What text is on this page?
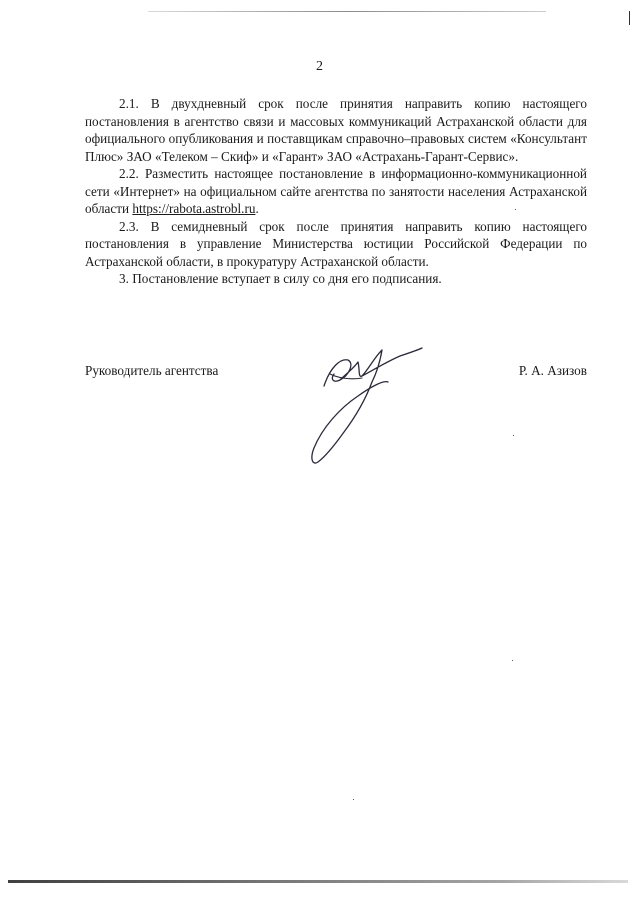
2

2.1. В двухдневный срок после принятия направить копию настоящего постановления в агентство связи и массовых коммуникаций Астраханской области для официального опубликования и поставщикам справочно–правовых систем «Консультант Плюс» ЗАО «Телеком – Скиф» и «Гарант» ЗАО «Астрахань-Гарант-Сервис».

2.2. Разместить настоящее постановление в информационно-коммуникационной сети «Интернет» на официальном сайте агентства по занятости населения Астраханской области https://rabota.astrobl.ru.

2.3. В семидневный срок после принятия направить копию настоящего постановления в управление Министерства юстиции Российской Федерации по Астраханской области, в прокуратуру Астраханской области.

3. Постановление вступает в силу со дня его подписания.

Руководитель агентства	Р. А. Азизов
